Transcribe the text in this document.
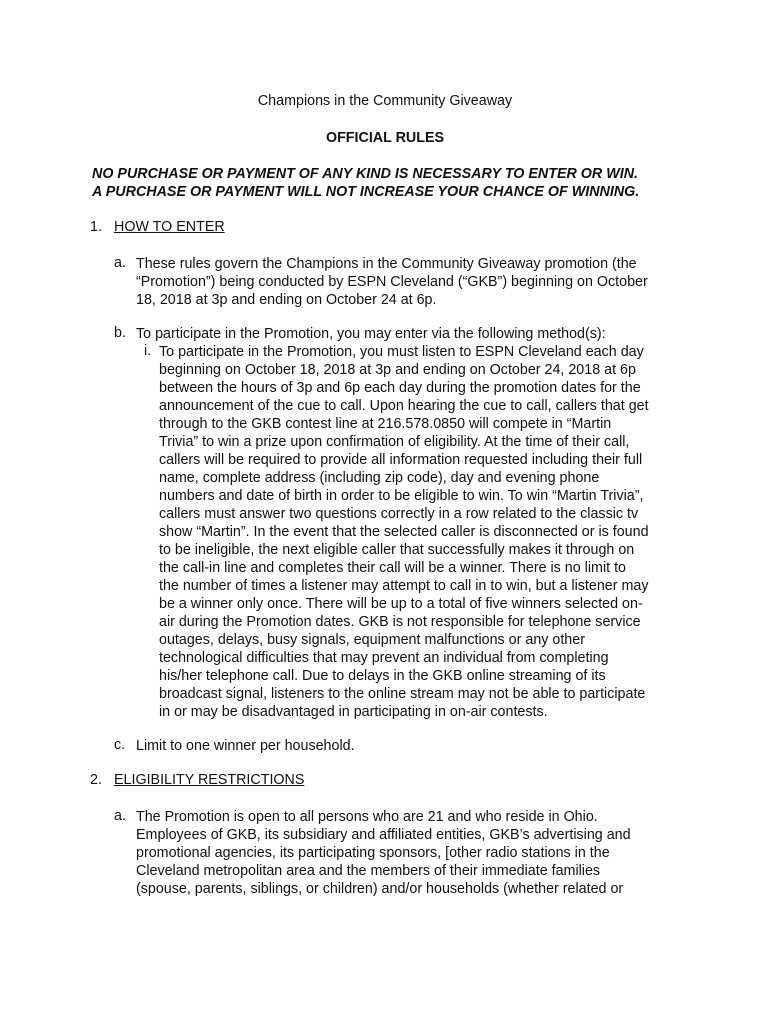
Champions in the Community Giveaway

OFFICIAL RULES

NO PURCHASE OR PAYMENT OF ANY KIND IS NECESSARY TO ENTER OR WIN.
A PURCHASE OR PAYMENT WILL NOT INCREASE YOUR CHANCE OF WINNING.
1. HOW TO ENTER
a. These rules govern the Champions in the Community Giveaway promotion (the
“Promotion”) being conducted by ESPN Cleveland (“GKB”) beginning on October
18, 2018 at 3p and ending on October 24 at 6p.
b. To participate in the Promotion, you may enter via the following method(s):
i. To participate in the Promotion, you must listen to ESPN Cleveland each day
beginning on October 18, 2018 at 3p and ending on October 24, 2018 at 6p
between the hours of 3p and 6p each day during the promotion dates for the
announcement of the cue to call. Upon hearing the cue to call, callers that get
through to the GKB contest line at 216.578.0850 will compete in “Martin
Trivia” to win a prize upon confirmation of eligibility. At the time of their call,
callers will be required to provide all information requested including their full
name, complete address (including zip code), day and evening phone
numbers and date of birth in order to be eligible to win. To win “Martin Trivia”,
callers must answer two questions correctly in a row related to the classic tv
show “Martin”. In the event that the selected caller is disconnected or is found
to be ineligible, the next eligible caller that successfully makes it through on
the call-in line and completes their call will be a winner. There is no limit to
the number of times a listener may attempt to call in to win, but a listener may
be a winner only once. There will be up to a total of five winners selected on-
air during the Promotion dates. GKB is not responsible for telephone service
outages, delays, busy signals, equipment malfunctions or any other
technological difficulties that may prevent an individual from completing
his/her telephone call. Due to delays in the GKB online streaming of its
broadcast signal, listeners to the online stream may not be able to participate
in or may be disadvantaged in participating in on-air contests.
c. Limit to one winner per household.
2. ELIGIBILITY RESTRICTIONS
a. The Promotion is open to all persons who are 21 and who reside in Ohio.
Employees of GKB, its subsidiary and affiliated entities, GKB’s advertising and
promotional agencies, its participating sponsors, [other radio stations in the
Cleveland metropolitan area and the members of their immediate families
(spouse, parents, siblings, or children) and/or households (whether related or
